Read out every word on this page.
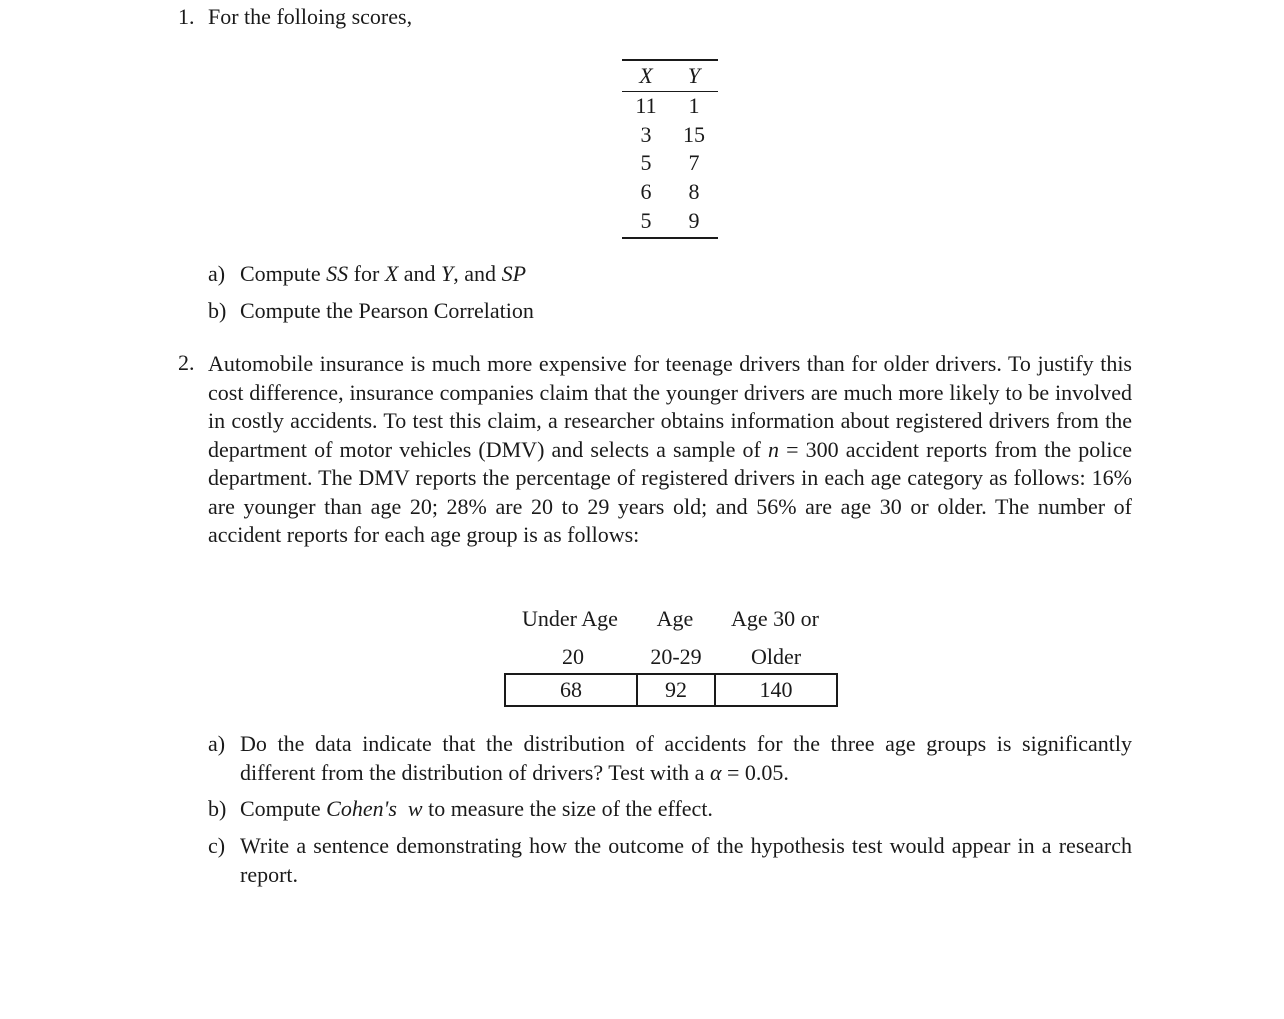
1. For the folloing scores,
X	Y
11	1
3	15
5	7
6	8
5	9
a) Compute SS for X and Y, and SP
b) Compute the Pearson Correlation
2. Automobile insurance is much more expensive for teenage drivers than for older drivers. To justify this cost difference, insurance companies claim that the younger drivers are much more likely to be involved in costly accidents. To test this claim, a researcher obtains information about registered drivers from the department of motor vehicles (DMV) and selects a sample of n = 300 accident reports from the police department. The DMV reports the percentage of registered drivers in each age category as follows: 16% are younger than age 20; 28% are 20 to 29 years old; and 56% are age 30 or older. The number of accident reports for each age group is as follows:
Under Age	Age	Age 30 or
20	20-29	Older
68	92	140
a) Do the data indicate that the distribution of accidents for the three age groups is significantly different from the distribution of drivers? Test with a α = 0.05.
b) Compute Cohen's w to measure the size of the effect.
c) Write a sentence demonstrating how the outcome of the hypothesis test would appear in a research report.
